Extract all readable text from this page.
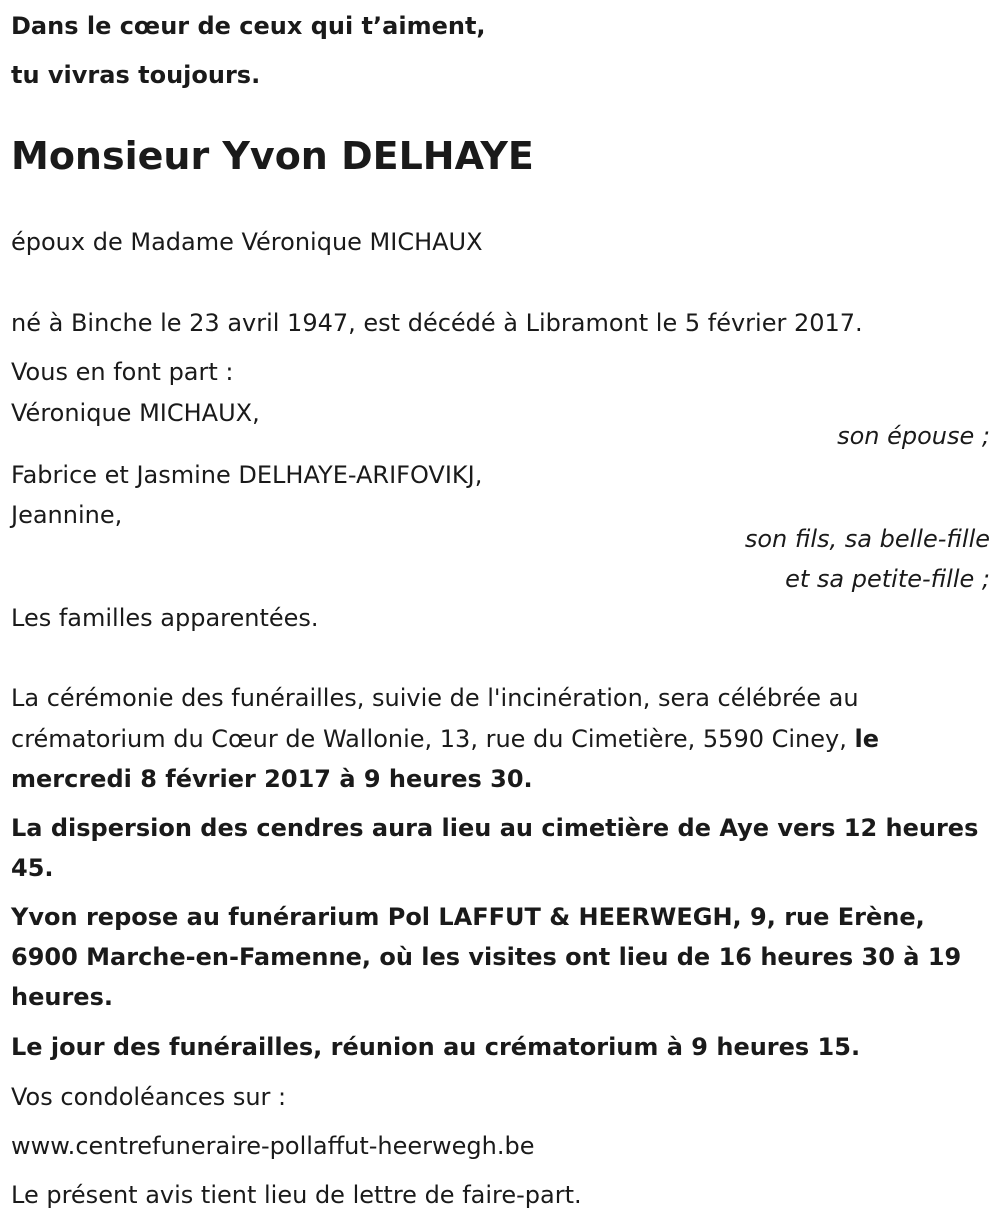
Dans le cœur de ceux qui t’aiment,

tu vivras toujours.

Monsieur Yvon DELHAYE

époux de Madame Véronique MICHAUX

né à Binche le 23 avril 1947, est décédé à Libramont le 5 février 2017.

Vous en font part :

Véronique MICHAUX,

son épouse ;

Fabrice et Jasmine DELHAYE-ARIFOVIKJ,

Jeannine,

son fils, sa belle-fille

et sa petite-fille ;

Les familles apparentées.

La cérémonie des funérailles, suivie de l'incinération, sera célébrée au

crématorium du Cœur de Wallonie, 13, rue du Cimetière, 5590 Ciney, le

mercredi 8 février 2017 à 9 heures 30.

La dispersion des cendres aura lieu au cimetière de Aye vers 12 heures

45.

Yvon repose au funérarium Pol LAFFUT & HEERWEGH, 9, rue Erène,

6900 Marche-en-Famenne, où les visites ont lieu de 16 heures 30 à 19

heures.

Le jour des funérailles, réunion au crématorium à 9 heures 15.

Vos condoléances sur :

www.centrefuneraire-pollaffut-heerwegh.be

Le présent avis tient lieu de lettre de faire-part.
